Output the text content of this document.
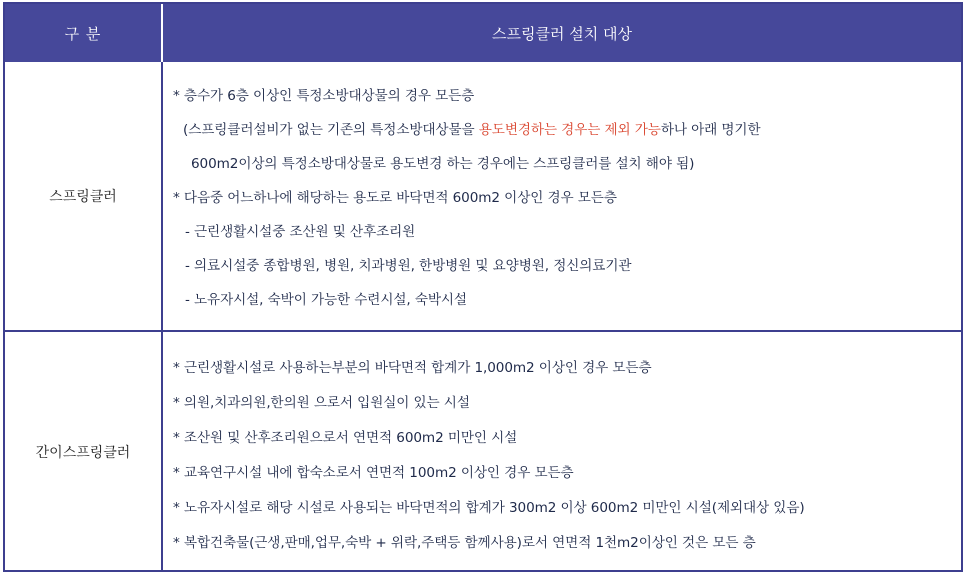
구 분	스프링클러 설치 대상
스프링클러
* 층수가 6층 이상인 특정소방대상물의 경우 모든층
(스프링클러설비가 없는 기존의 특정소방대상물을 용도변경하는 경우는 제외 가능하나 아래 명기한
600m2이상의 특정소방대상물로 용도변경 하는 경우에는 스프링클러를 설치 해야 됨)
* 다음중 어느하나에 해당하는 용도로 바닥면적 600m2 이상인 경우 모든층
- 근린생활시설중 조산원 및 산후조리원
- 의료시설중 종합병원, 병원, 치과병원, 한방병원 및 요양병원, 정신의료기관
- 노유자시설, 숙박이 가능한 수련시설, 숙박시설
간이스프링클러
* 근린생활시설로 사용하는부분의 바닥면적 합계가 1,000m2 이상인 경우 모든층
* 의원,치과의원,한의원 으로서 입원실이 있는 시설
* 조산원 및 산후조리원으로서 연면적 600m2 미만인 시설
* 교육연구시설 내에 합숙소로서 연면적 100m2 이상인 경우 모든층
* 노유자시설로 해당 시설로 사용되는 바닥면적의 합계가 300m2 이상 600m2 미만인 시설(제외대상 있음)
* 복합건축물(근생,판매,업무,숙박 + 위락,주택등 함께사용)로서 연면적 1천m2이상인 것은 모든 층
